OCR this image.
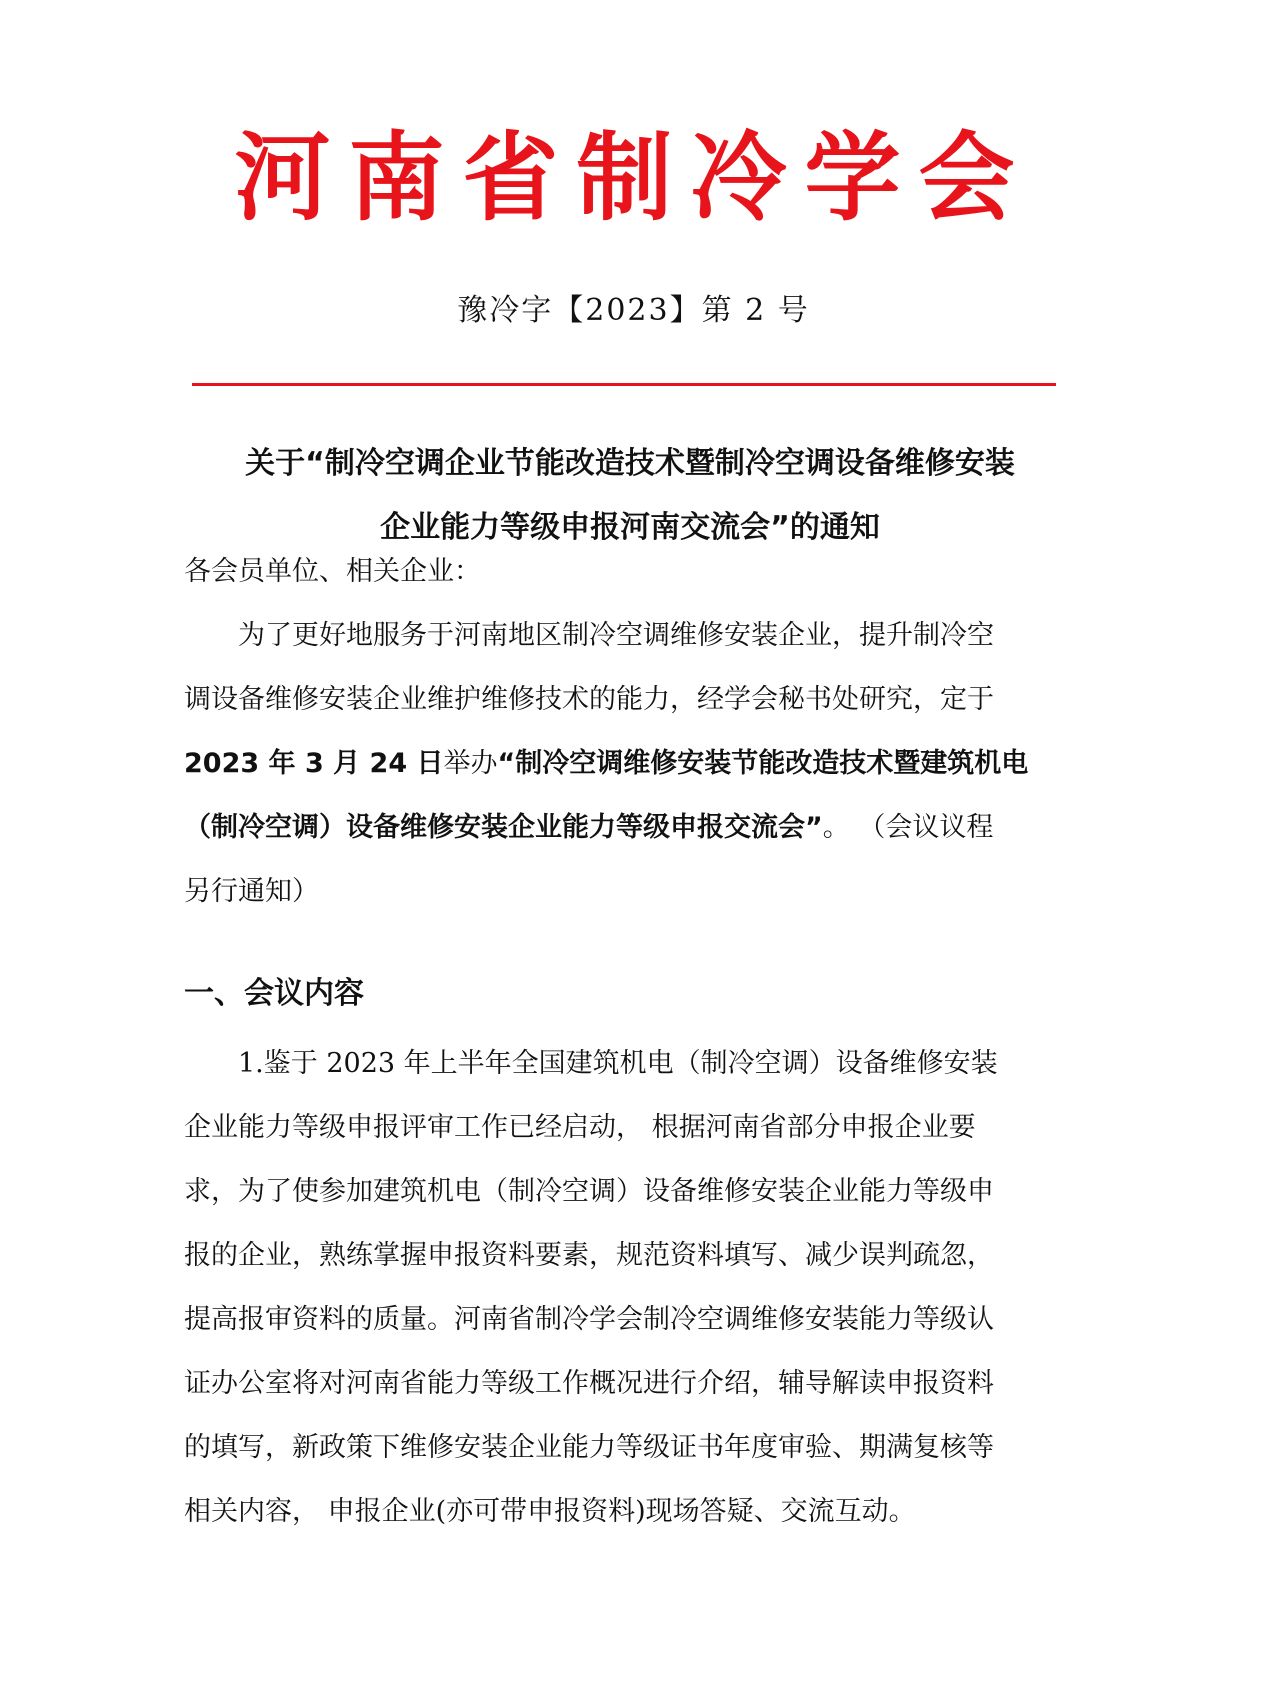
河南省制冷学会
豫冷字【2023】第 2 号
关于“制冷空调企业节能改造技术暨制冷空调设备维修安装
企业能力等级申报河南交流会”的通知
各会员单位、相关企业：
为了更好地服务于河南地区制冷空调维修安装企业，提升制冷空
调设备维修安装企业维护维修技术的能力，经学会秘书处研究，定于
2023 年 3 月 24 日举办“制冷空调维修安装节能改造技术暨建筑机电
（制冷空调）设备维修安装企业能力等级申报交流会”。 （会议议程
另行通知）
一、会议内容
1.鉴于 2023 年上半年全国建筑机电（制冷空调）设备维修安装
企业能力等级申报评审工作已经启动， 根据河南省部分申报企业要
求，为了使参加建筑机电（制冷空调）设备维修安装企业能力等级申
报的企业，熟练掌握申报资料要素，规范资料填写、减少误判疏忽，
提高报审资料的质量。河南省制冷学会制冷空调维修安装能力等级认
证办公室将对河南省能力等级工作概况进行介绍，辅导解读申报资料
的填写，新政策下维修安装企业能力等级证书年度审验、期满复核等
相关内容， 申报企业(亦可带申报资料)现场答疑、交流互动。
